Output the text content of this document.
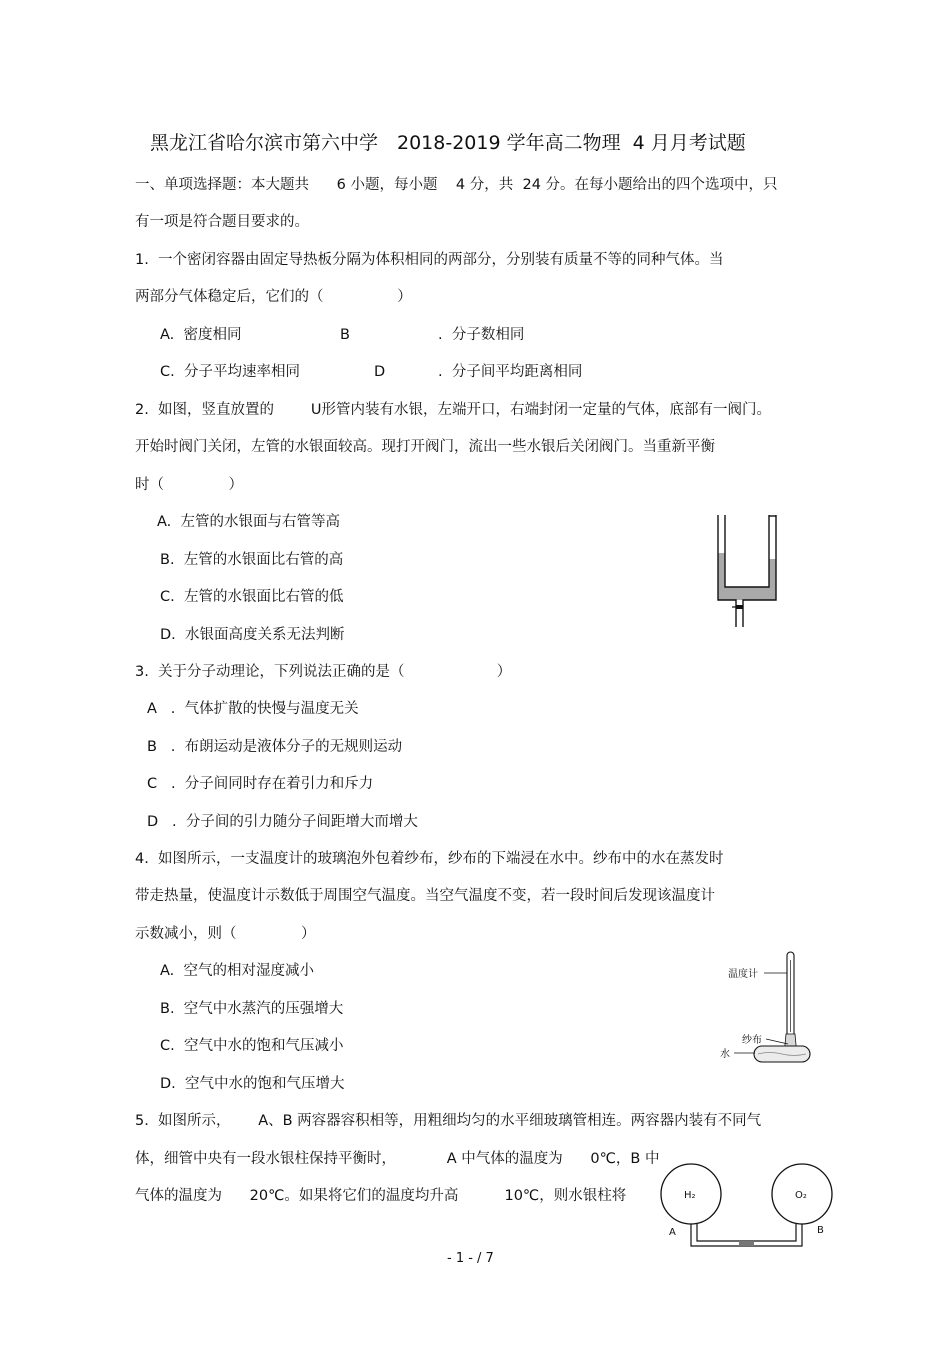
黑龙江省哈尔滨市第六中学　2018-2019 学年高二物理  4 月月考试题
一、单项选择题：本大题共      6 小题，每小题    4 分，共  24 分。在每小题给出的四个选项中，只
有一项是符合题目要求的。
1.  一个密闭容器由固定导热板分隔为体积相同的两部分，分别装有质量不等的同种气体。当
两部分气体稳定后，它们的（                ）
A.  密度相同	B	.  分子数相同
C.  分子平均速率相同	D	.  分子间平均距离相同
2.  如图，竖直放置的        U形管内装有水银，左端开口，右端封闭一定量的气体，底部有一阀门。
开始时阀门关闭，左管的水银面较高。现打开阀门，流出一些水银后关闭阀门。当重新平衡
时（              ）
A.  左管的水银面与右管等高
B.  左管的水银面比右管的高
C.  左管的水银面比右管的低
D.  水银面高度关系无法判断
3.  关于分子动理论，下列说法正确的是（                    ）
A   .  气体扩散的快慢与温度无关
B   .  布朗运动是液体分子的无规则运动
C   .  分子间同时存在着引力和斥力
D   .  分子间的引力随分子间距增大而增大
4.  如图所示，一支温度计的玻璃泡外包着纱布，纱布的下端浸在水中。纱布中的水在蒸发时
带走热量，使温度计示数低于周围空气温度。当空气温度不变，若一段时间后发现该温度计
示数减小，则（              ）
A.  空气的相对湿度减小
B.  空气中水蒸汽的压强增大
C.  空气中水的饱和气压减小
D.  空气中水的饱和气压增大
温度计
纱布
水
5.  如图所示，      A、B 两容器容积相等，用粗细均匀的水平细玻璃管相连。两容器内装有不同气
体，细管中央有一段水银柱保持平衡时，           A 中气体的温度为      0℃，B 中
气体的温度为      20℃。如果将它们的温度均升高          10℃，则水银柱将	H₂	O₂
A	B
- 1 - / 7
